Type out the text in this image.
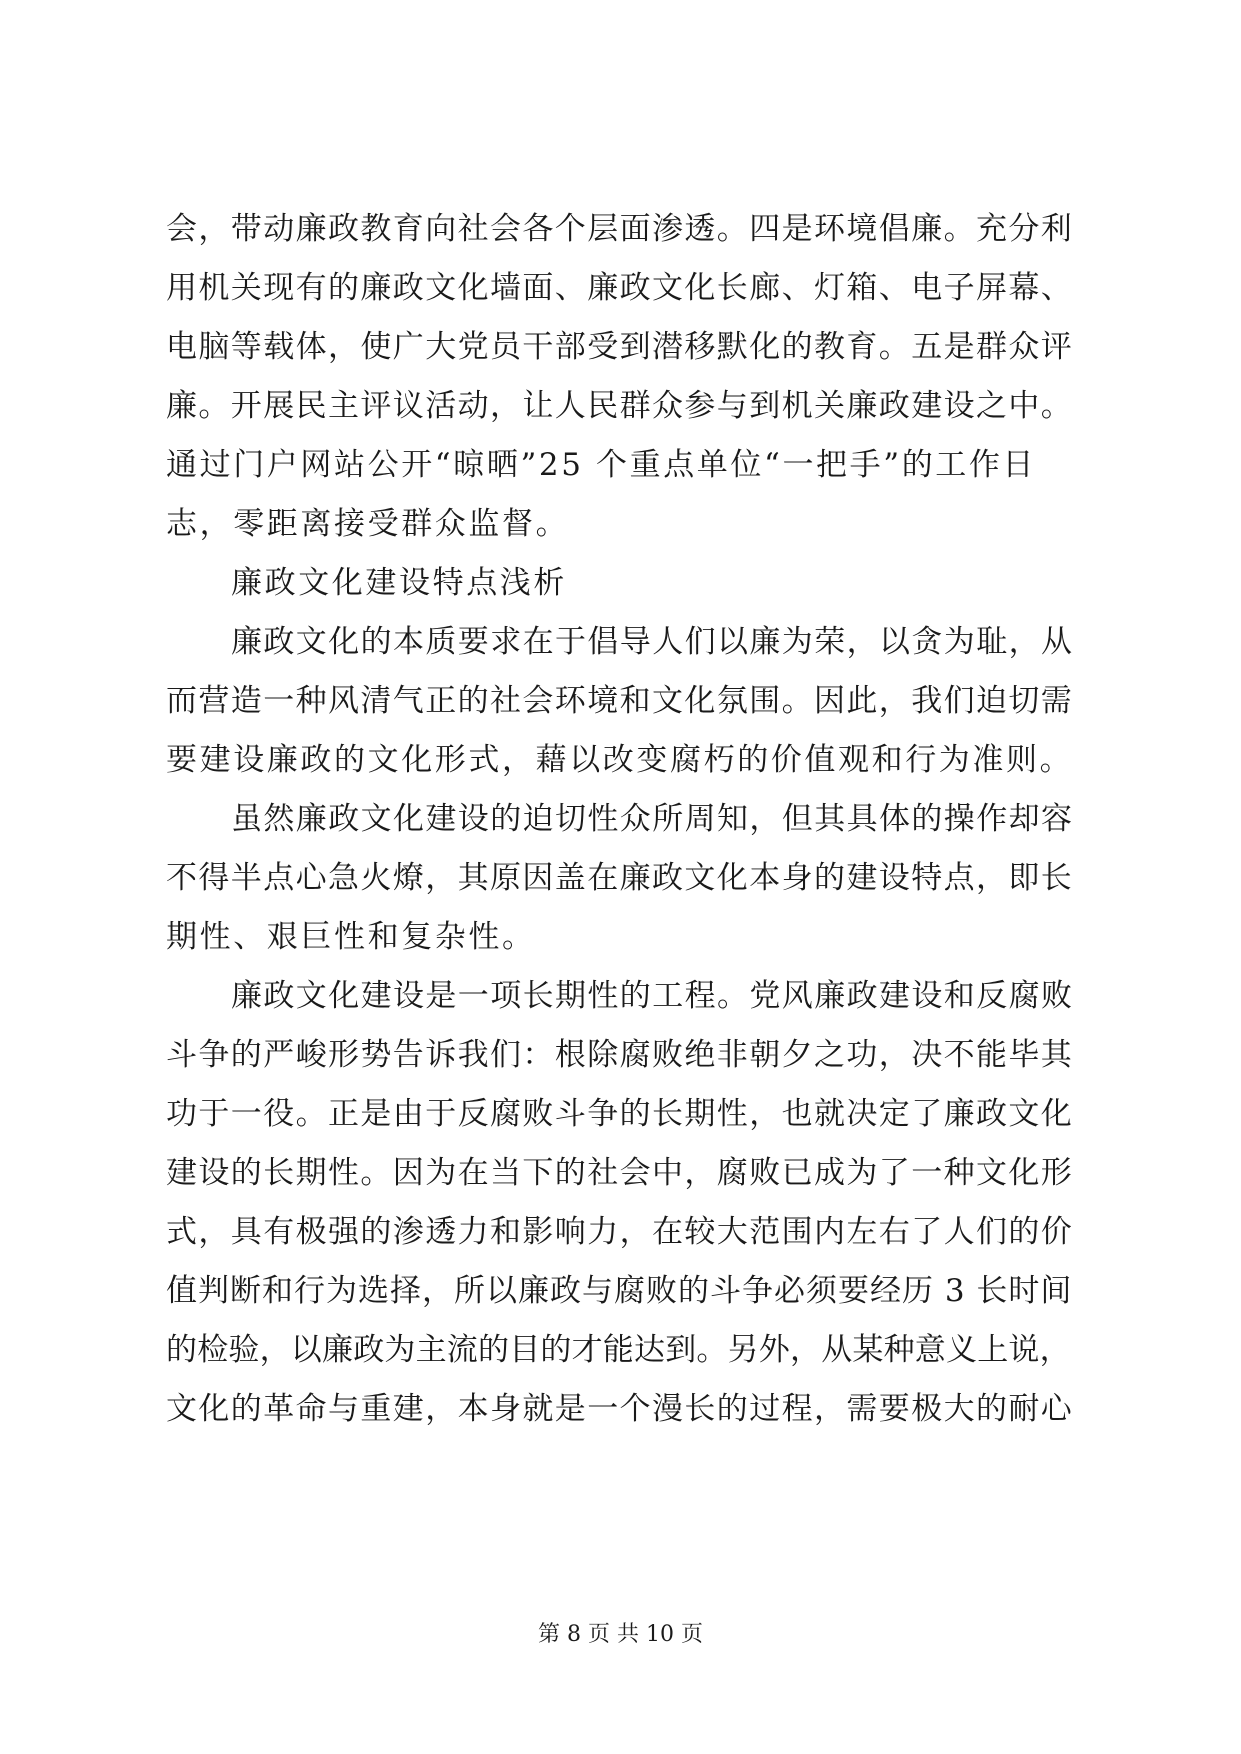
会，带动廉政教育向社会各个层面渗透。四是环境倡廉。充分利
用机关现有的廉政文化墙面、廉政文化长廊、灯箱、电子屏幕、
电脑等载体，使广大党员干部受到潜移默化的教育。五是群众评
廉。开展民主评议活动，让人民群众参与到机关廉政建设之中。
通过门户网站公开“晾晒”25 个重点单位“一把手”的工作日
志，零距离接受群众监督。
廉政文化建设特点浅析
廉政文化的本质要求在于倡导人们以廉为荣，以贪为耻，从
而营造一种风清气正的社会环境和文化氛围。因此，我们迫切需
要建设廉政的文化形式，藉以改变腐朽的价值观和行为准则。
虽然廉政文化建设的迫切性众所周知，但其具体的操作却容
不得半点心急火燎，其原因盖在廉政文化本身的建设特点，即长
期性、艰巨性和复杂性。
廉政文化建设是一项长期性的工程。党风廉政建设和反腐败
斗争的严峻形势告诉我们：根除腐败绝非朝夕之功，决不能毕其
功于一役。正是由于反腐败斗争的长期性，也就决定了廉政文化
建设的长期性。因为在当下的社会中，腐败已成为了一种文化形
式，具有极强的渗透力和影响力，在较大范围内左右了人们的价
值判断和行为选择，所以廉政与腐败的斗争必须要经历 3 长时间
的检验，以廉政为主流的目的才能达到。另外，从某种意义上说，
文化的革命与重建，本身就是一个漫长的过程，需要极大的耐心
第 8 页 共 10 页
